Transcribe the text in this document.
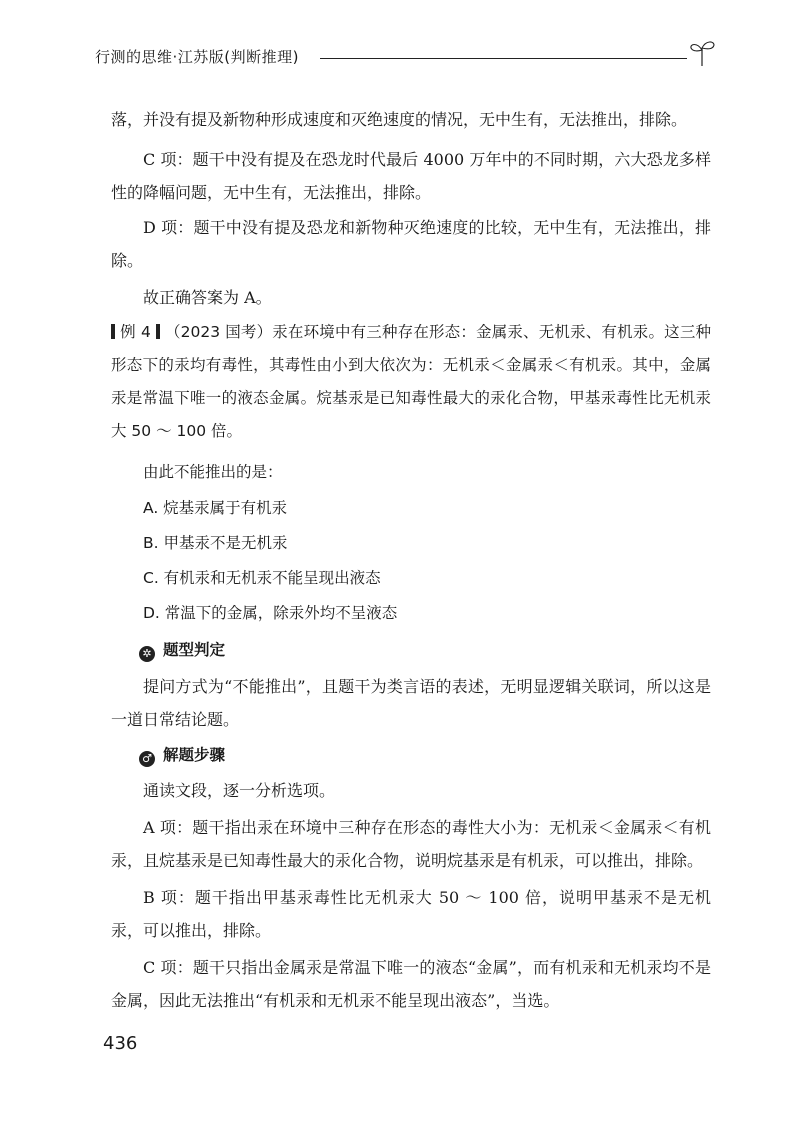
行测的思维·江苏版(判断推理)
落，并没有提及新物种形成速度和灭绝速度的情况，无中生有，无法推出，排除。
C 项：题干中没有提及在恐龙时代最后 4000 万年中的不同时期，六大恐龙多样性的降幅问题，无中生有，无法推出，排除。
D 项：题干中没有提及恐龙和新物种灭绝速度的比较，无中生有，无法推出，排除。
故正确答案为 A。
例 4 （2023 国考）汞在环境中有三种存在形态：金属汞、无机汞、有机汞。这三种形态下的汞均有毒性，其毒性由小到大依次为：无机汞＜金属汞＜有机汞。其中，金属汞是常温下唯一的液态金属。烷基汞是已知毒性最大的汞化合物，甲基汞毒性比无机汞大 50 ～ 100 倍。
由此不能推出的是：
A. 烷基汞属于有机汞
B. 甲基汞不是无机汞
C. 有机汞和无机汞不能呈现出液态
D. 常温下的金属，除汞外均不呈液态
✲ 题型判定
提问方式为“不能推出”，且题干为类言语的表述，无明显逻辑关联词，所以这是一道日常结论题。
♂ 解题步骤
通读文段，逐一分析选项。
A 项：题干指出汞在环境中三种存在形态的毒性大小为：无机汞＜金属汞＜有机汞，且烷基汞是已知毒性最大的汞化合物，说明烷基汞是有机汞，可以推出，排除。
B 项：题干指出甲基汞毒性比无机汞大 50 ～ 100 倍，说明甲基汞不是无机汞，可以推出，排除。
C 项：题干只指出金属汞是常温下唯一的液态“金属”，而有机汞和无机汞均不是金属，因此无法推出“有机汞和无机汞不能呈现出液态”，当选。
436
